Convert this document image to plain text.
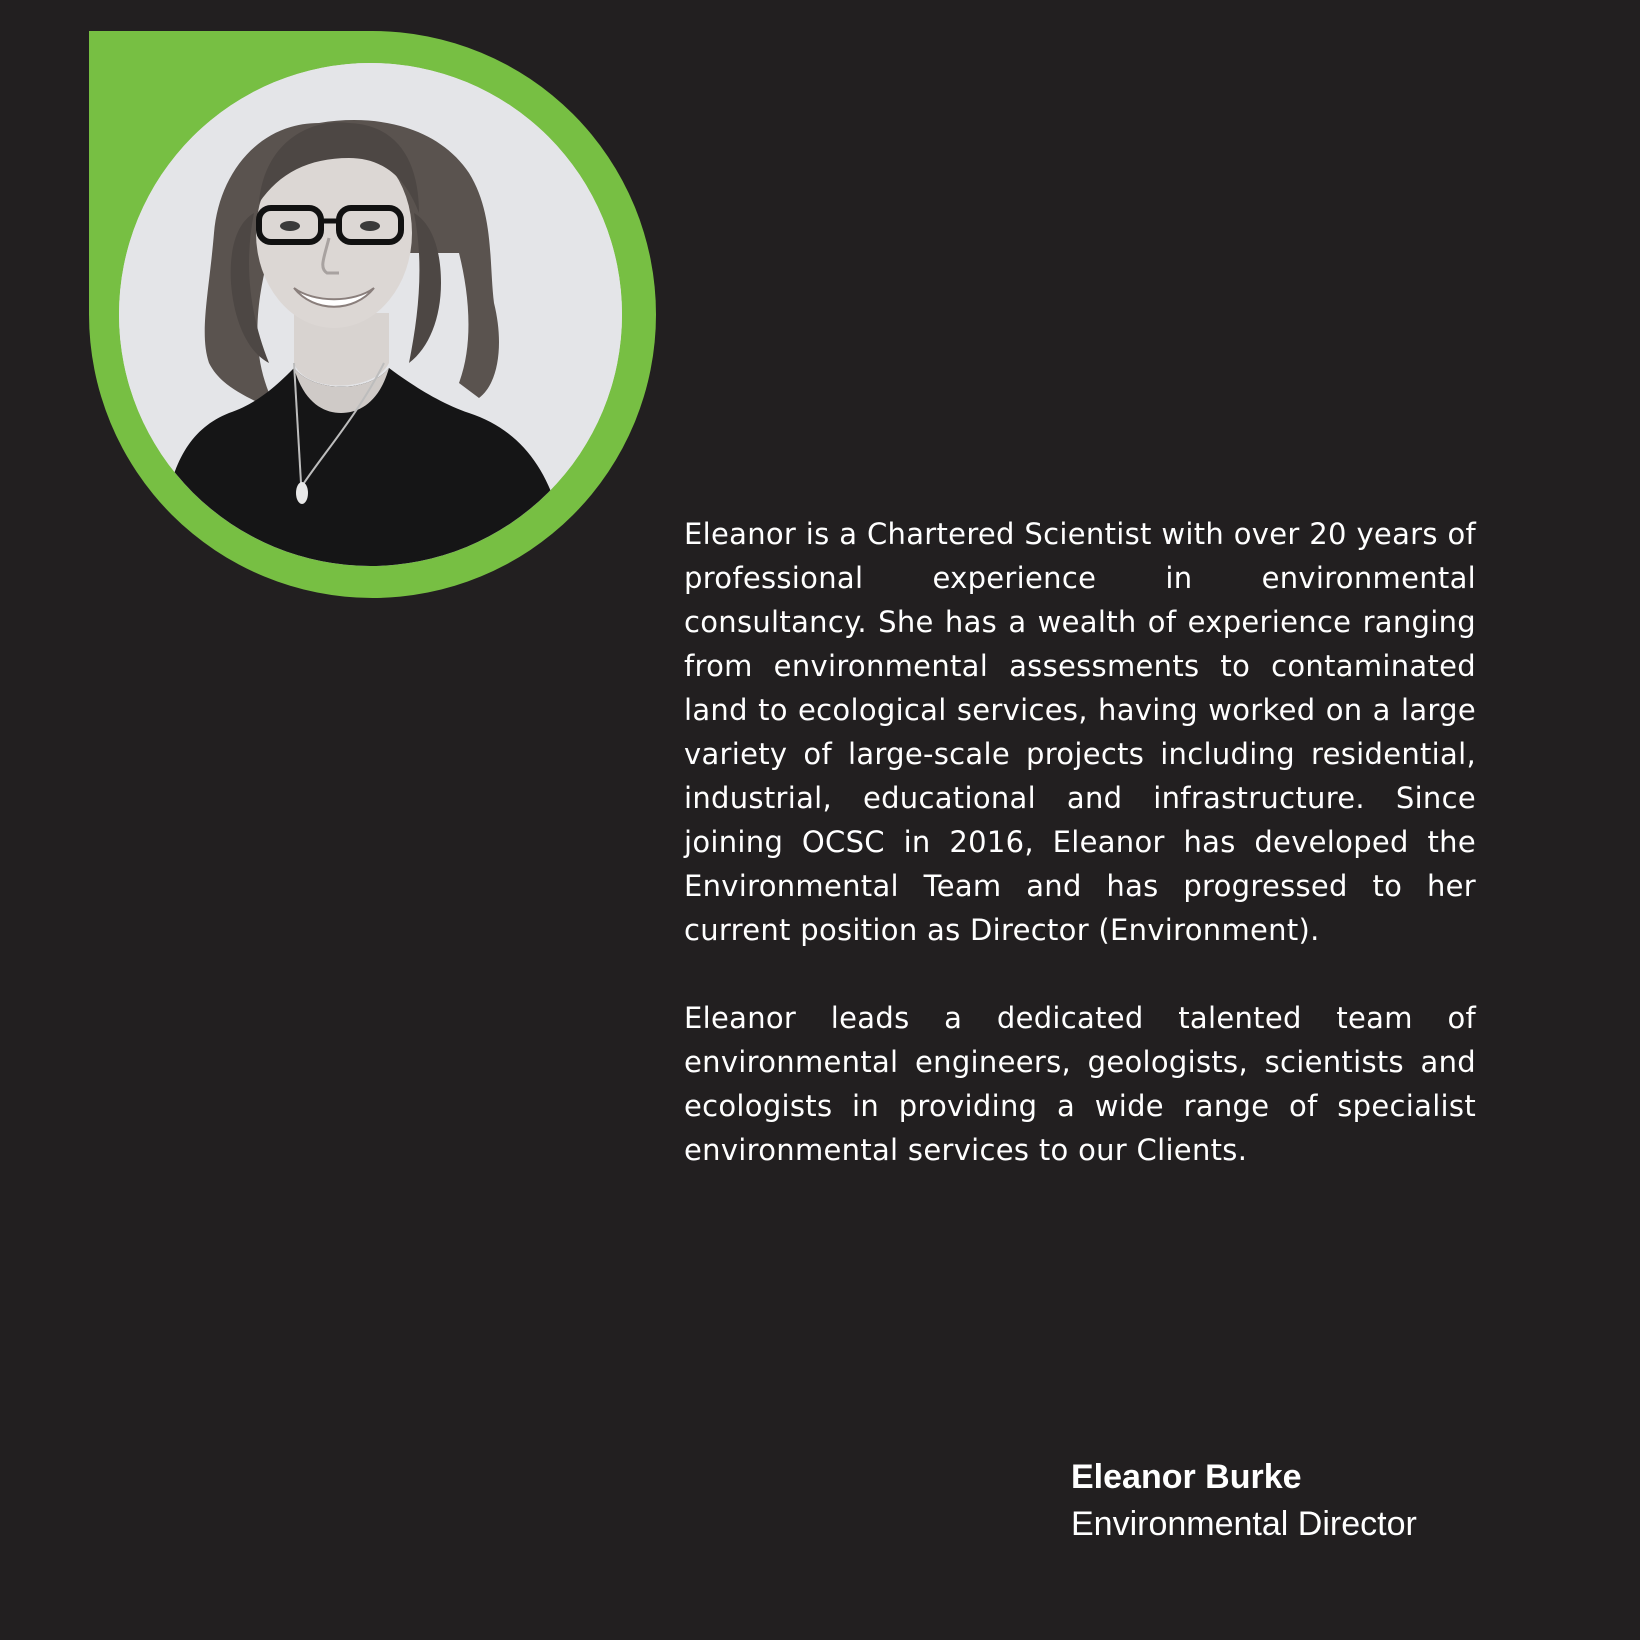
Eleanor is a Chartered Scientist with over 20 years of professional experience in environmental consultancy. She has a wealth of experience ranging from environmental assessments to contaminated land to ecological services, having worked on a large variety of large-scale projects including residential, industrial, educational and infrastructure. Since joining OCSC in 2016, Eleanor has developed the Environmental Team and has progressed to her current position as Director (Environment).

Eleanor leads a dedicated talented team of environmental engineers, geologists, scientists and ecologists in providing a wide range of specialist environmental services to our Clients.

Eleanor Burke
Environmental Director
